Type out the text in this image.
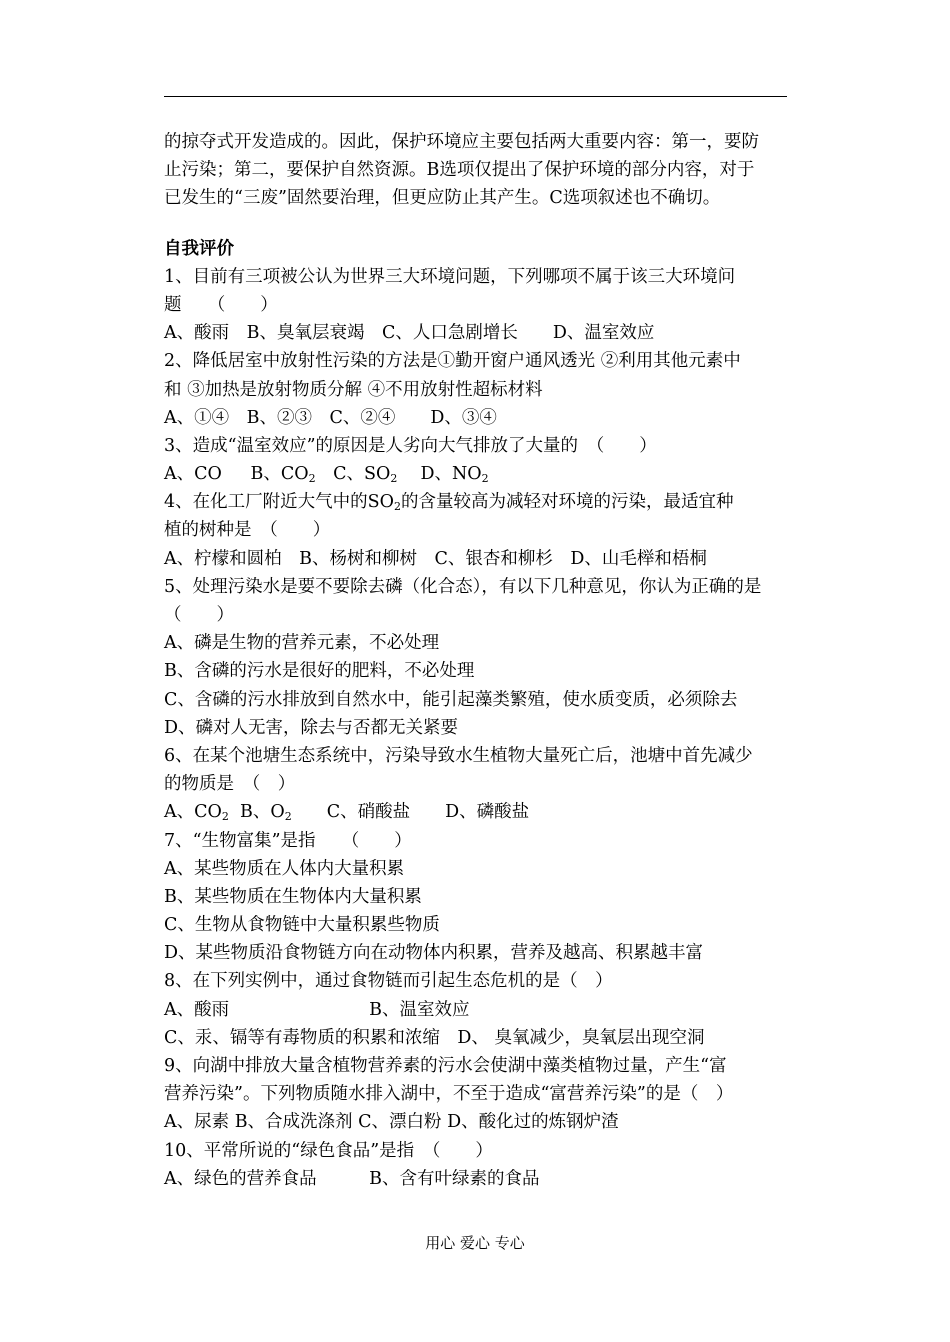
的掠夺式开发造成的。因此，保护环境应主要包括两大重要内容：第一，要防
止污染；第二，要保护自然资源。B选项仅提出了保护环境的部分内容，对于
已发生的“三废”固然要治理，但更应防止其产生。C选项叙述也不确切。
自我评价
1、目前有三项被公认为世界三大环境问题，下列哪项不属于该三大环境问
题　　（　　）
A、酸雨　B、臭氧层衰竭　C、人口急剧增长　　D、温室效应
2、降低居室中放射性污染的方法是①勤开窗户通风透光 ②利用其他元素中
和 ③加热是放射物质分解 ④不用放射性超标材料
A、①④　B、②③　C、②④　　D、③④
3、造成“温室效应”的原因是人劣向大气排放了大量的　（　　）
A、CO　  B、$CO_2$　 C、$SO_2$　 D、$NO_2$
4、在化工厂附近大气中的$SO_2$的含量较高为减轻对环境的污染，最适宜种
植的树种是　（　　）
A、柠檬和圆柏　B、杨树和柳树　C、银杏和柳杉　D、山毛榉和梧桐
5、处理污染水是要不要除去磷（化合态），有以下几种意见，你认为正确的是
（　　）
A、磷是生物的营养元素，不必处理
B、含磷的污水是很好的肥料，不必处理
C、含磷的污水排放到自然水中，能引起藻类繁殖，使水质变质，必须除去
D、磷对人无害，除去与否都无关紧要
6、在某个池塘生态系统中，污染导致水生植物大量死亡后，池塘中首先减少
的物质是　（　）
A、$CO_2$ B、$O_2$　　C、硝酸盐　　D、磷酸盐
7、“生物富集”是指　　（　　）
A、某些物质在人体内大量积累
B、某些物质在生物体内大量积累
C、生物从食物链中大量积累些物质
D、某些物质沿食物链方向在动物体内积累，营养及越高、积累越丰富
8、在下列实例中，通过食物链而引起生态危机的是（　）
A、酸雨　　　　　　　　B、温室效应
C、汞、镉等有毒物质的积累和浓缩　D、 臭氧减少，臭氧层出现空洞
9、向湖中排放大量含植物营养素的污水会使湖中藻类植物过量，产生“富
营养污染”。下列物质随水排入湖中，不至于造成“富营养污染”的是（　）
A、尿素 B、合成洗涤剂 C、漂白粉 D、酸化过的炼钢炉渣
10、平常所说的“绿色食品”是指　（　　）
A、绿色的营养食品　　　B、含有叶绿素的食品
用心 爱心 专心
